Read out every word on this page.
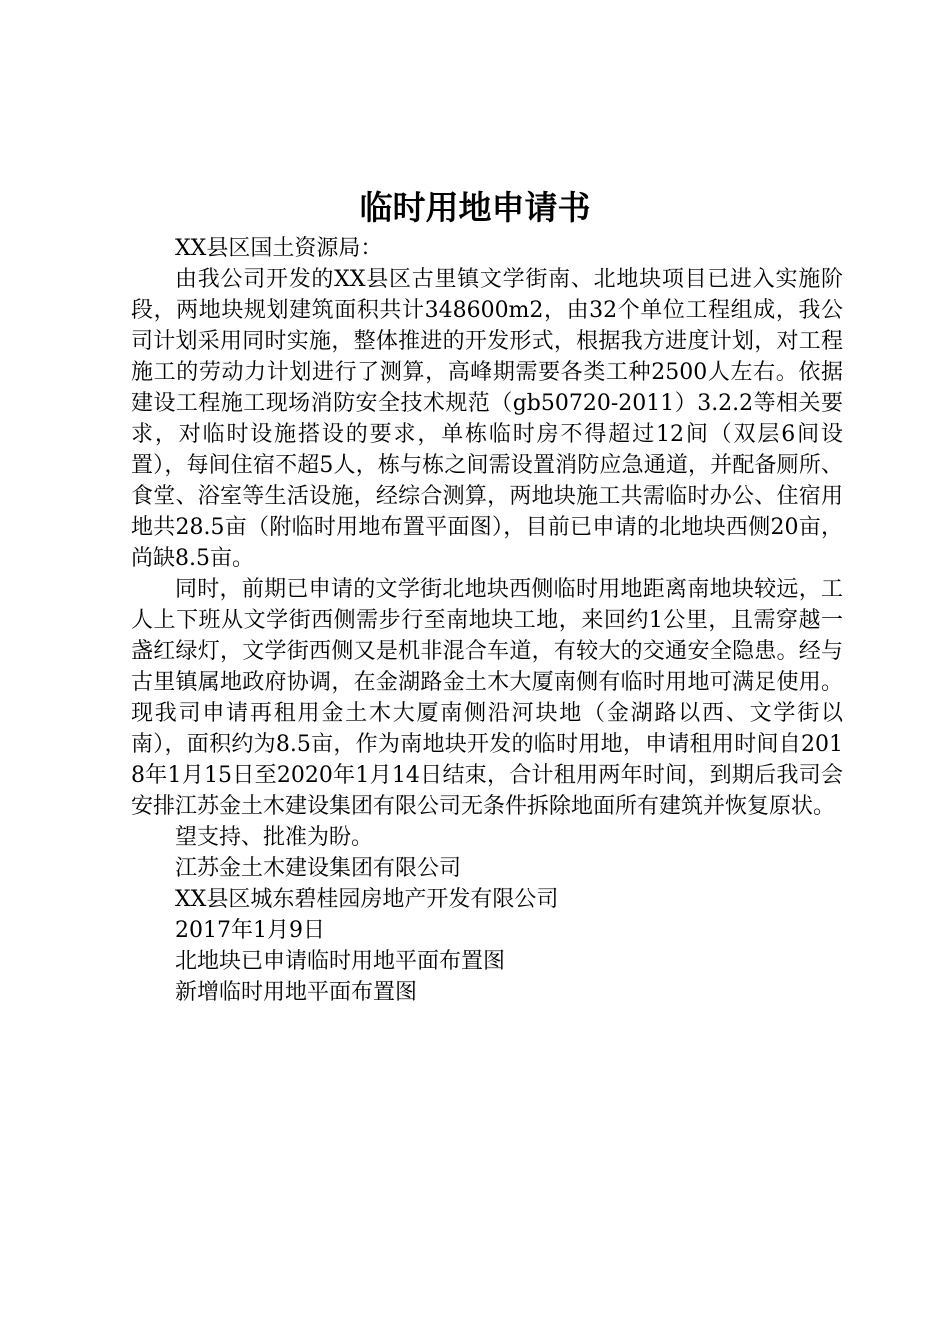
临时用地申请书

XX县区国土资源局：

由我公司开发的XX县区古里镇文学街南、北地块项目已进入实施阶段，两地块规划建筑面积共计348600m2，由32个单位工程组成，我公司计划采用同时实施，整体推进的开发形式，根据我方进度计划，对工程施工的劳动力计划进行了测算，高峰期需要各类工种2500人左右。依据建设工程施工现场消防安全技术规范（gb50720-2011）3.2.2等相关要求，对临时设施搭设的要求，单栋临时房不得超过12间（双层6间设置），每间住宿不超5人，栋与栋之间需设置消防应急通道，并配备厕所、食堂、浴室等生活设施，经综合测算，两地块施工共需临时办公、住宿用地共28.5亩（附临时用地布置平面图），目前已申请的北地块西侧20亩，尚缺8.5亩。

同时，前期已申请的文学街北地块西侧临时用地距离南地块较远，工人上下班从文学街西侧需步行至南地块工地，来回约1公里，且需穿越一盏红绿灯，文学街西侧又是机非混合车道，有较大的交通安全隐患。经与古里镇属地政府协调，在金湖路金土木大厦南侧有临时用地可满足使用。现我司申请再租用金土木大厦南侧沿河块地（金湖路以西、文学街以南），面积约为8.5亩，作为南地块开发的临时用地，申请租用时间自2018年1月15日至2020年1月14日结束，合计租用两年时间，到期后我司会安排江苏金土木建设集团有限公司无条件拆除地面所有建筑并恢复原状。

望支持、批准为盼。

江苏金土木建设集团有限公司

XX县区城东碧桂园房地产开发有限公司

2017年1月9日

北地块已申请临时用地平面布置图

新增临时用地平面布置图
